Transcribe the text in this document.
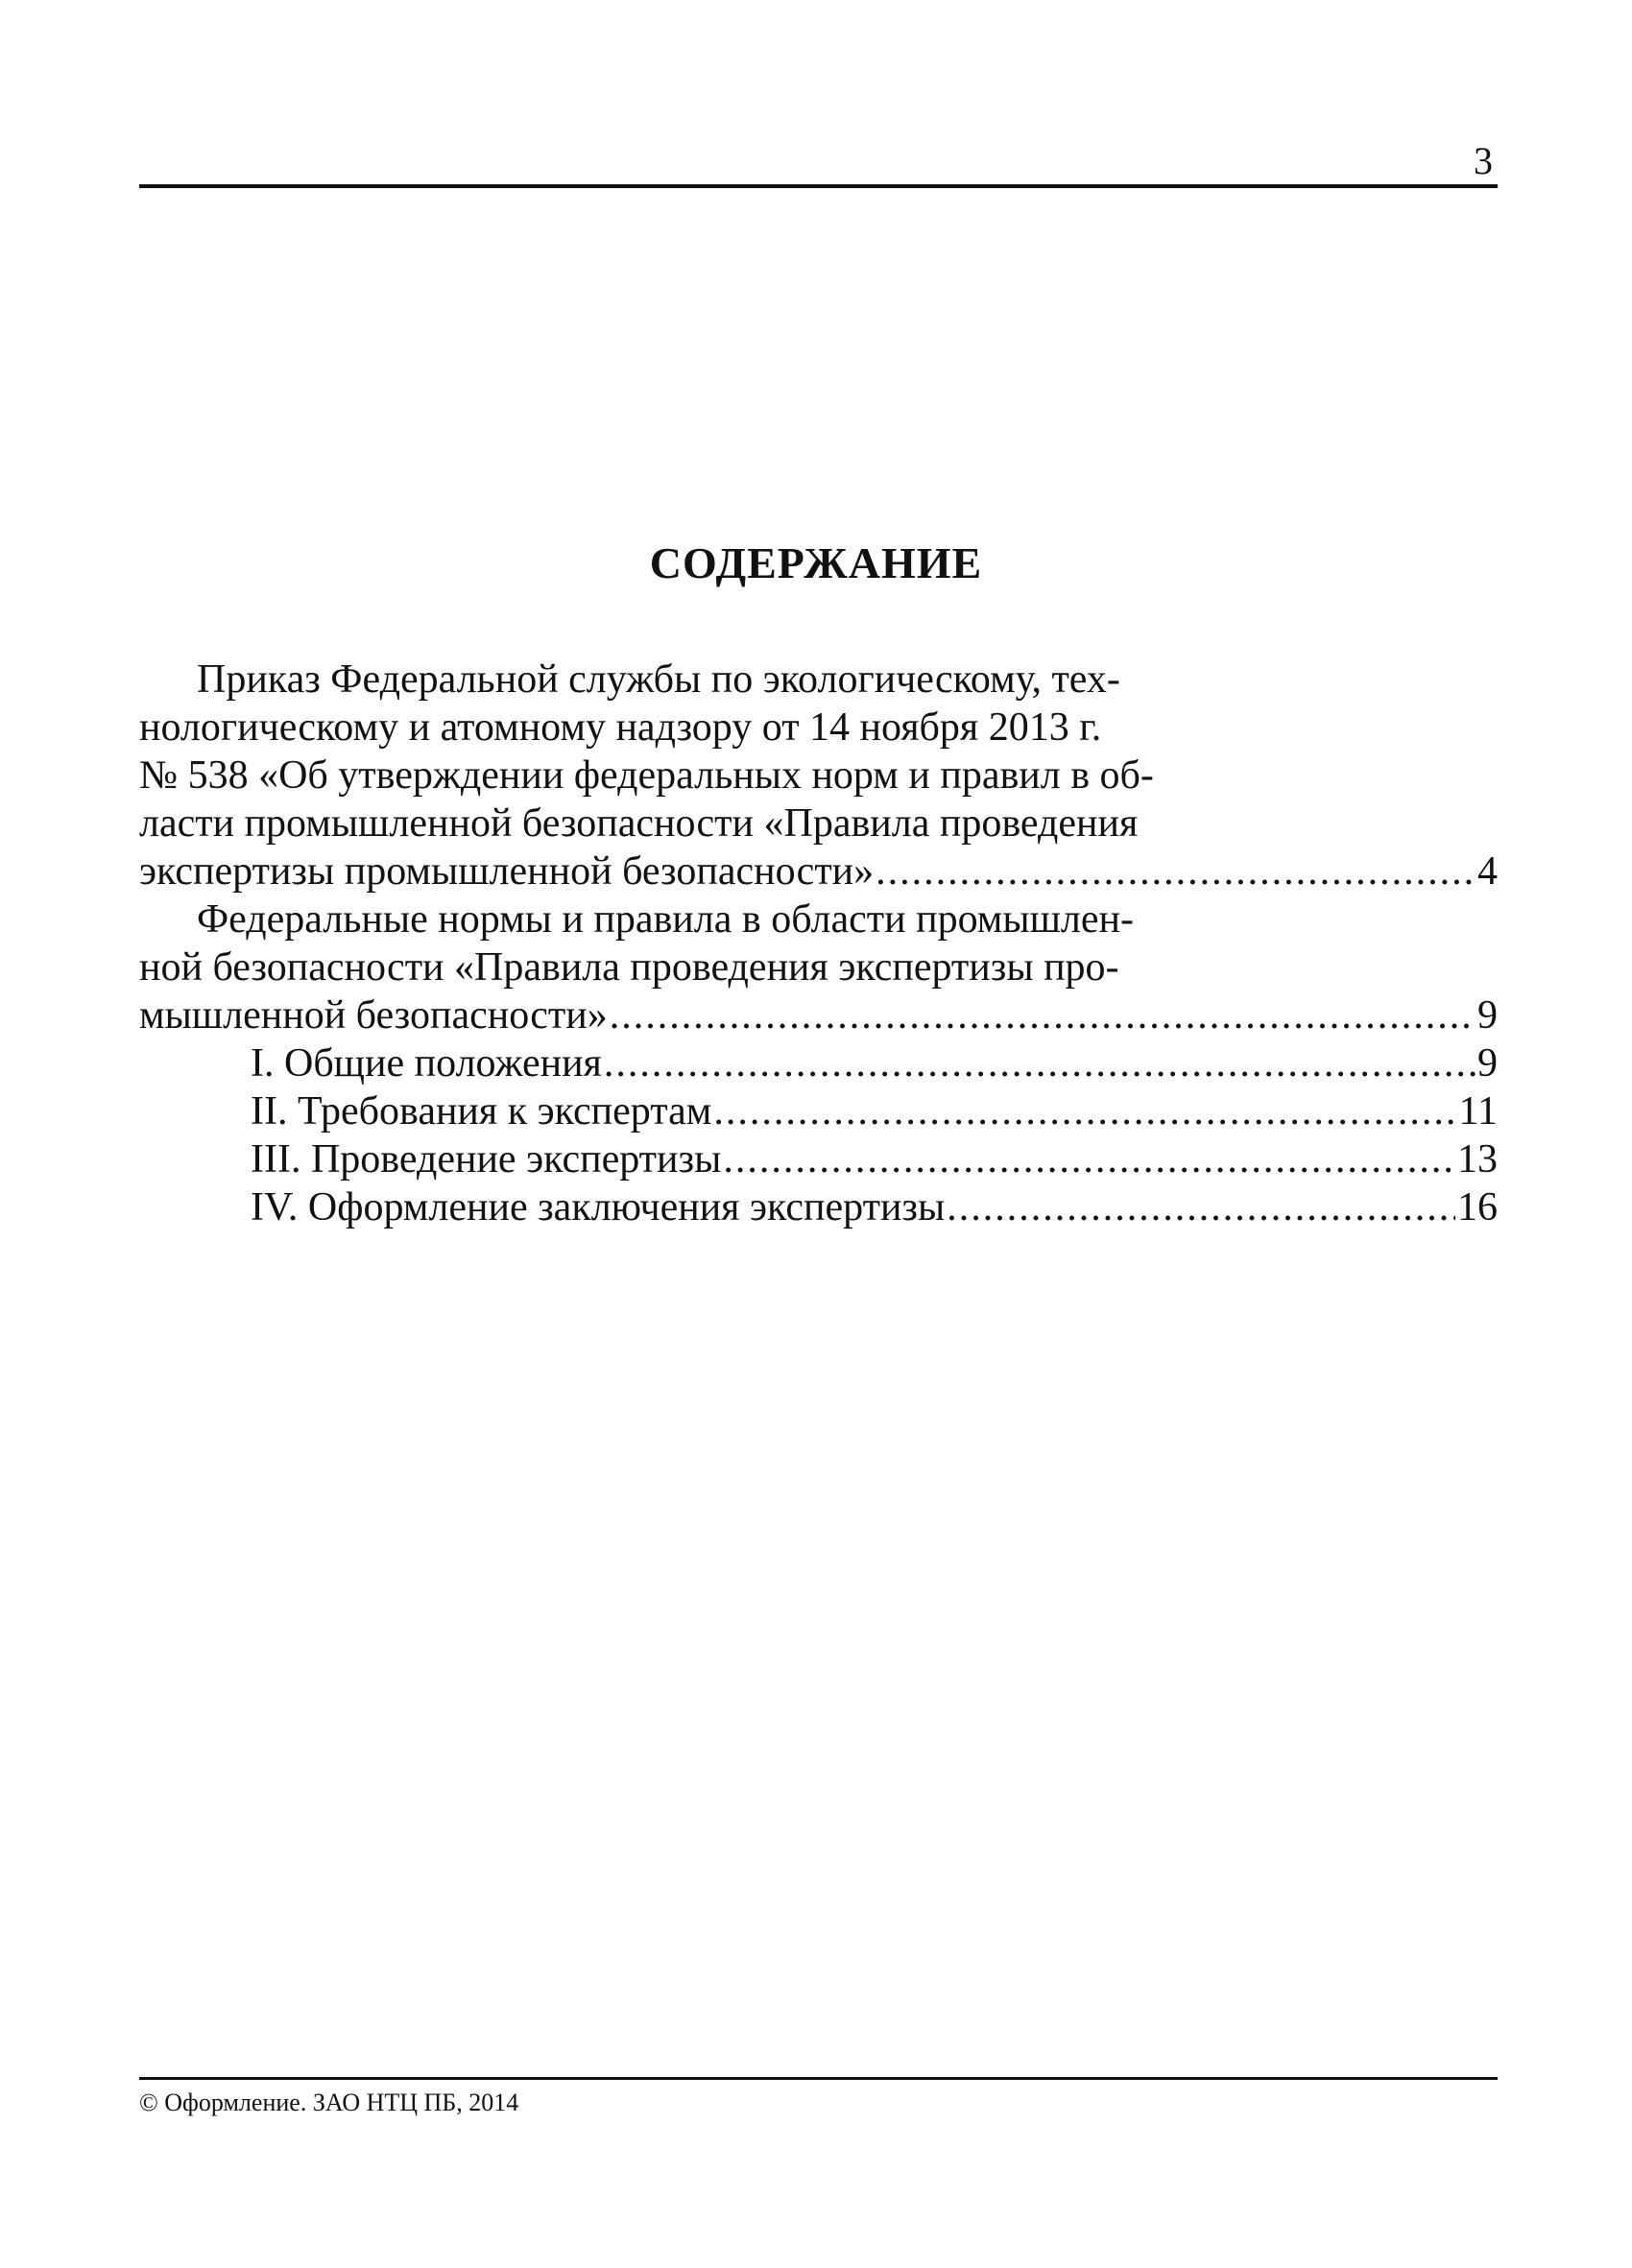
3
СОДЕРЖАНИЕ

Приказ Федеральной службы по экологическому, тех-

нологическому и атомному надзору от 14 ноября 2013 г.

№ 538 «Об утверждении федеральных норм и правил в об-

ласти промышленной безопасности «Правила проведения

экспертизы промышленной безопасности» .....	4

Федеральные нормы и правила в области промышлен-

ной безопасности «Правила проведения экспертизы про-

мышленной безопасности» .....	9
I. Общие положения .....	9
II. Требования к экспертам .....	11
III. Проведение экспертизы .....	13
IV. Оформление заключения экспертизы .....	16
© Оформление. ЗАО НТЦ ПБ, 2014
